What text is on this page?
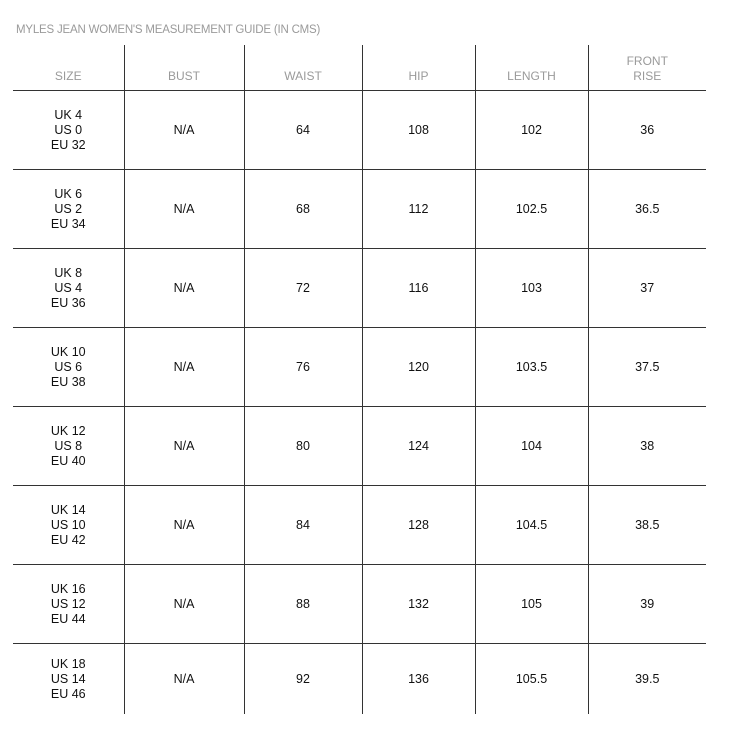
MYLES JEAN WOMEN'S MEASUREMENT GUIDE (IN CMS)
SIZE	BUST	WAIST	HIP	LENGTH	FRONT
RISE

UK 4
US 0
EU 32	N/A	64	108	102	36

UK 6
US 2
EU 34	N/A	68	112	102.5	36.5

UK 8
US 4
EU 36	N/A	72	116	103	37

UK 10
US 6
EU 38	N/A	76	120	103.5	37.5

UK 12
US 8
EU 40	N/A	80	124	104	38

UK 14
US 10
EU 42	N/A	84	128	104.5	38.5

UK 16
US 12
EU 44	N/A	88	132	105	39

UK 18
US 14
EU 46	N/A	92	136	105.5	39.5
